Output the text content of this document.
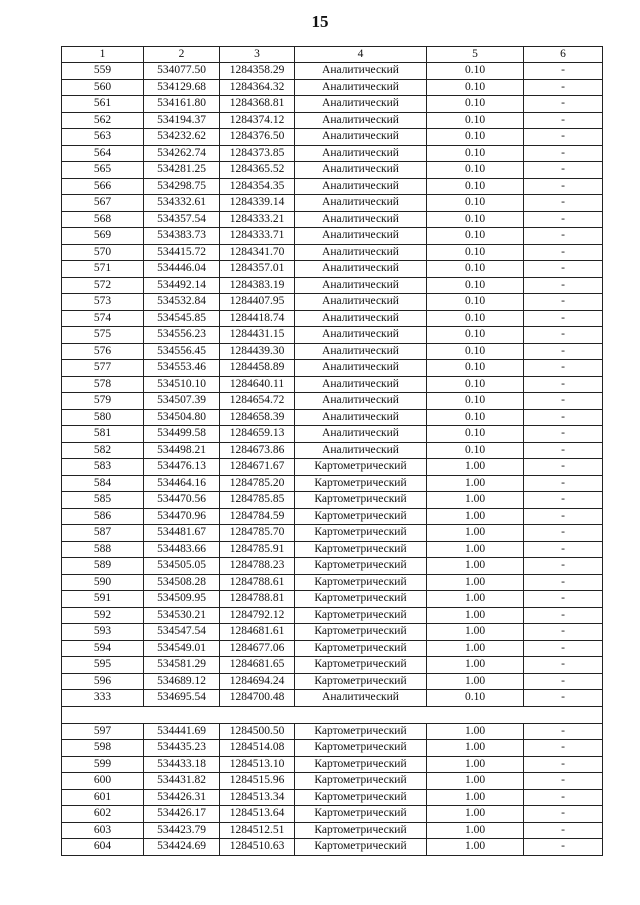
15
1	2	3	4	5	6
559	534077.50	1284358.29	Аналитический	0.10	-
560	534129.68	1284364.32	Аналитический	0.10	-
561	534161.80	1284368.81	Аналитический	0.10	-
562	534194.37	1284374.12	Аналитический	0.10	-
563	534232.62	1284376.50	Аналитический	0.10	-
564	534262.74	1284373.85	Аналитический	0.10	-
565	534281.25	1284365.52	Аналитический	0.10	-
566	534298.75	1284354.35	Аналитический	0.10	-
567	534332.61	1284339.14	Аналитический	0.10	-
568	534357.54	1284333.21	Аналитический	0.10	-
569	534383.73	1284333.71	Аналитический	0.10	-
570	534415.72	1284341.70	Аналитический	0.10	-
571	534446.04	1284357.01	Аналитический	0.10	-
572	534492.14	1284383.19	Аналитический	0.10	-
573	534532.84	1284407.95	Аналитический	0.10	-
574	534545.85	1284418.74	Аналитический	0.10	-
575	534556.23	1284431.15	Аналитический	0.10	-
576	534556.45	1284439.30	Аналитический	0.10	-
577	534553.46	1284458.89	Аналитический	0.10	-
578	534510.10	1284640.11	Аналитический	0.10	-
579	534507.39	1284654.72	Аналитический	0.10	-
580	534504.80	1284658.39	Аналитический	0.10	-
581	534499.58	1284659.13	Аналитический	0.10	-
582	534498.21	1284673.86	Аналитический	0.10	-
583	534476.13	1284671.67	Картометрический	1.00	-
584	534464.16	1284785.20	Картометрический	1.00	-
585	534470.56	1284785.85	Картометрический	1.00	-
586	534470.96	1284784.59	Картометрический	1.00	-
587	534481.67	1284785.70	Картометрический	1.00	-
588	534483.66	1284785.91	Картометрический	1.00	-
589	534505.05	1284788.23	Картометрический	1.00	-
590	534508.28	1284788.61	Картометрический	1.00	-
591	534509.95	1284788.81	Картометрический	1.00	-
592	534530.21	1284792.12	Картометрический	1.00	-
593	534547.54	1284681.61	Картометрический	1.00	-
594	534549.01	1284677.06	Картометрический	1.00	-
595	534581.29	1284681.65	Картометрический	1.00	-
596	534689.12	1284694.24	Картометрический	1.00	-
333	534695.54	1284700.48	Аналитический	0.10	-

597	534441.69	1284500.50	Картометрический	1.00	-
598	534435.23	1284514.08	Картометрический	1.00	-
599	534433.18	1284513.10	Картометрический	1.00	-
600	534431.82	1284515.96	Картометрический	1.00	-
601	534426.31	1284513.34	Картометрический	1.00	-
602	534426.17	1284513.64	Картометрический	1.00	-
603	534423.79	1284512.51	Картометрический	1.00	-
604	534424.69	1284510.63	Картометрический	1.00	-
